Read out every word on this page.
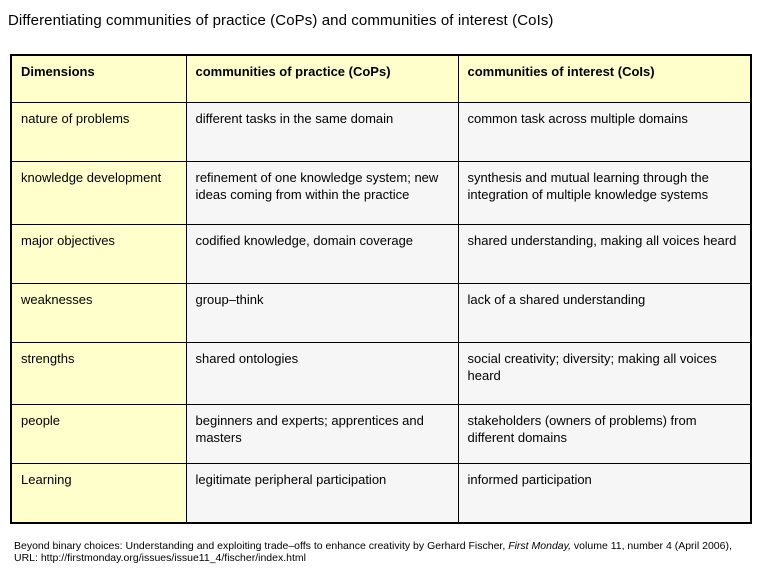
Differentiating communities of practice (CoPs) and communities of interest (CoIs)
Dimensions	communities of practice (CoPs)	communities of interest (CoIs)
nature of problems	different tasks in the same domain	common task across multiple domains
knowledge development	refinement of one knowledge system; new ideas coming from within the practice	synthesis and mutual learning through the integration of multiple knowledge systems
major objectives	codified knowledge, domain coverage	shared understanding, making all voices heard
weaknesses	group–think	lack of a shared understanding
strengths	shared ontologies	social creativity; diversity; making all voices heard
people	beginners and experts; apprentices and masters	stakeholders (owners of problems) from different domains
Learning	legitimate peripheral participation	informed participation
Beyond binary choices: Understanding and exploiting trade–offs to enhance creativity by Gerhard Fischer, First Monday, volume 11, number 4 (April 2006),
URL: http://firstmonday.org/issues/issue11_4/fischer/index.html
